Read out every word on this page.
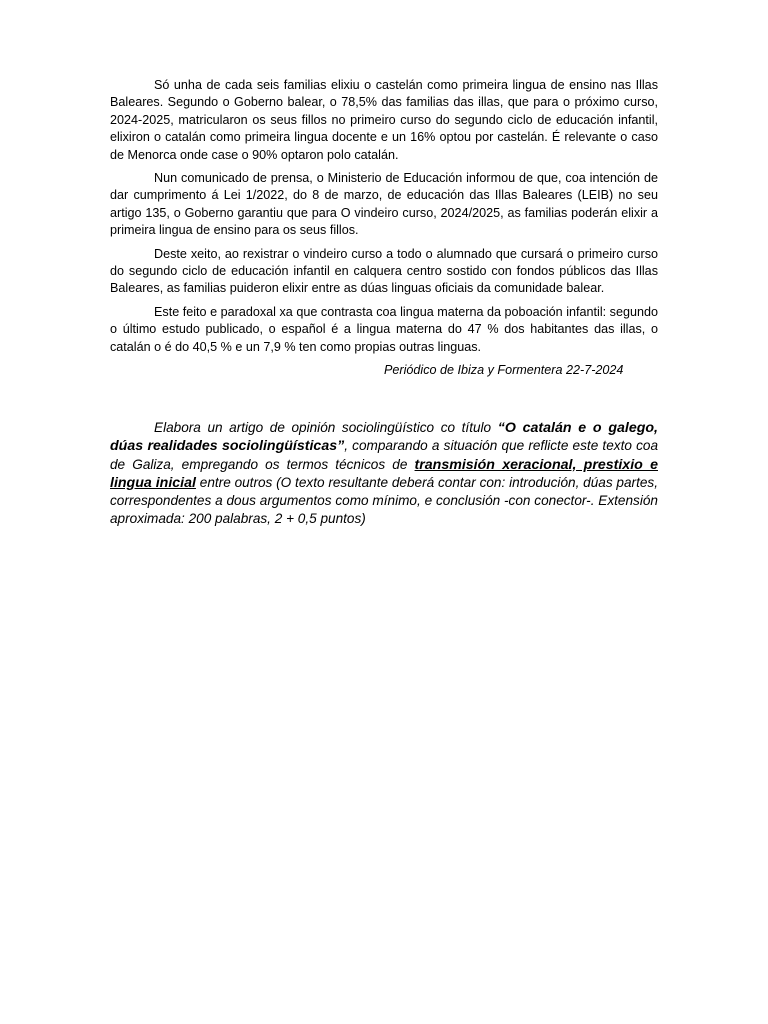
Só unha de cada seis familias elixiu o castelán como primeira lingua de ensino nas Illas Baleares. Segundo o Goberno balear, o 78,5% das familias das illas, que para o próximo curso, 2024-2025, matricularon os seus fillos no primeiro curso do segundo ciclo de educación infantil, elixiron o catalán como primeira lingua docente e un 16% optou por castelán. É relevante o caso de Menorca onde case o 90% optaron polo catalán.

Nun comunicado de prensa, o Ministerio de Educación informou de que, coa intención de dar cumprimento á Lei 1/2022, do 8 de marzo, de educación das Illas Baleares (LEIB) no seu artigo 135, o Goberno garantiu que para O vindeiro curso, 2024/2025, as familias poderán elixir a primeira lingua de ensino para os seus fillos.

Deste xeito, ao rexistrar o vindeiro curso a todo o alumnado que cursará o primeiro curso do segundo ciclo de educación infantil en calquera centro sostido con fondos públicos das Illas Baleares, as familias puideron elixir entre as dúas linguas oficiais da comunidade balear.

Este feito e paradoxal xa que contrasta coa lingua materna da poboación infantil: segundo o último estudo publicado, o español é a lingua materna do 47 % dos habitantes das illas, o catalán o é do 40,5 % e un 7,9 % ten como propias outras linguas.

Periódico de Ibiza y Formentera 22-7-2024

Elabora un artigo de opinión sociolingüístico co título “O catalán e o galego, dúas realidades sociolingüísticas”, comparando a situación que reflicte este texto coa de Galiza, empregando os termos técnicos de transmisión xeracional, prestixio e lingua inicial entre outros (O texto resultante deberá contar con: introdución, dúas partes, correspondentes a dous argumentos como mínimo, e conclusión -con conector-. Extensión aproximada: 200 palabras, 2 + 0,5 puntos)
